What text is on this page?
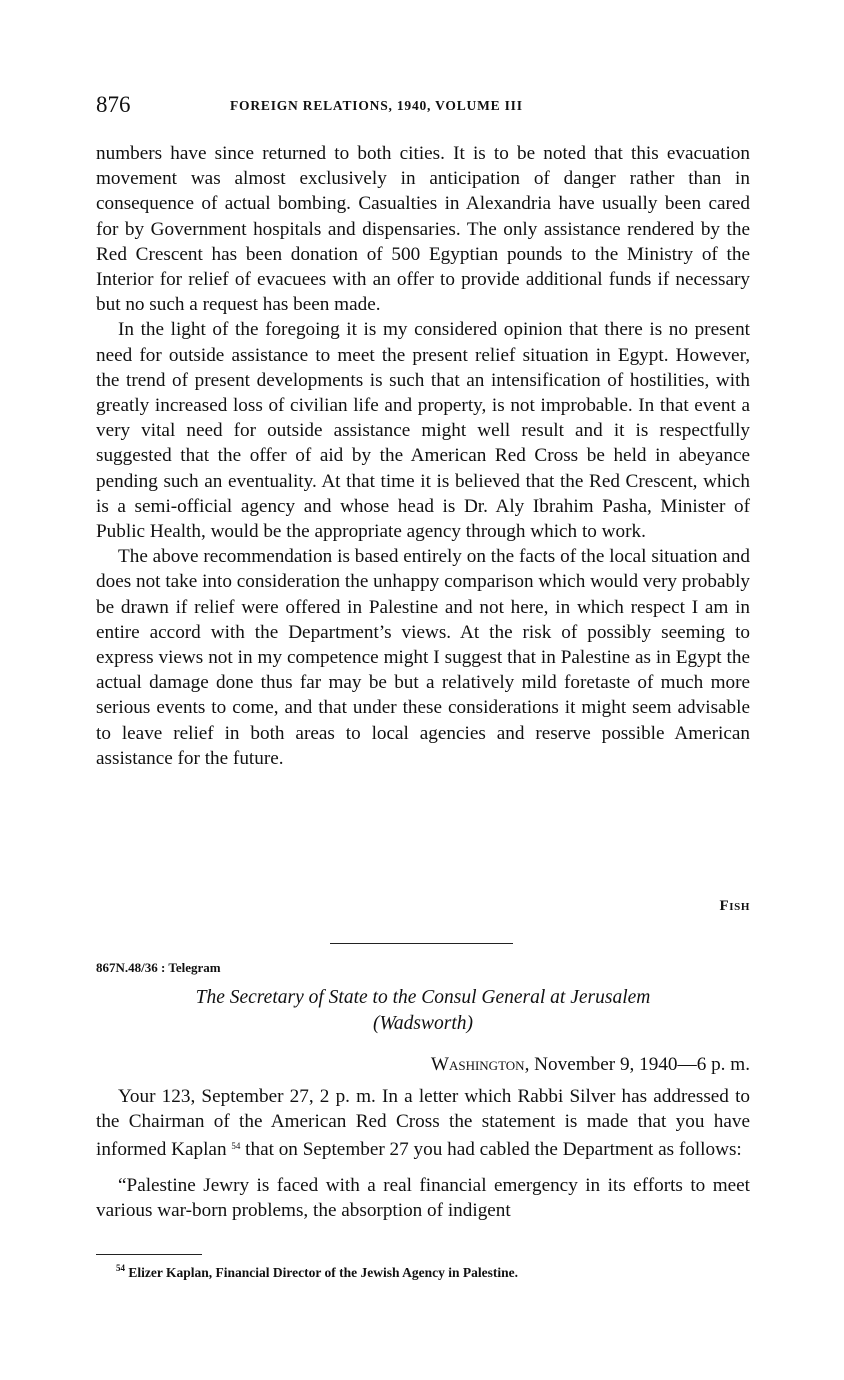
876	FOREIGN RELATIONS, 1940, VOLUME III

numbers have since returned to both cities. It is to be noted that this evacuation movement was almost exclusively in anticipation of danger rather than in consequence of actual bombing. Casualties in Alexandria have usually been cared for by Government hospitals and dispensaries. The only assistance rendered by the Red Crescent has been donation of 500 Egyptian pounds to the Ministry of the Interior for relief of evacuees with an offer to provide additional funds if necessary but no such a request has been made.

In the light of the foregoing it is my considered opinion that there is no present need for outside assistance to meet the present relief situation in Egypt. However, the trend of present developments is such that an intensification of hostilities, with greatly increased loss of civilian life and property, is not improbable. In that event a very vital need for outside assistance might well result and it is respectfully suggested that the offer of aid by the American Red Cross be held in abeyance pending such an eventuality. At that time it is believed that the Red Crescent, which is a semi-official agency and whose head is Dr. Aly Ibrahim Pasha, Minister of Public Health, would be the appropriate agency through which to work.

The above recommendation is based entirely on the facts of the local situation and does not take into consideration the unhappy comparison which would very probably be drawn if relief were offered in Palestine and not here, in which respect I am in entire accord with the Department’s views. At the risk of possibly seeming to express views not in my competence might I suggest that in Palestine as in Egypt the actual damage done thus far may be but a relatively mild foretaste of much more serious events to come, and that under these considerations it might seem advisable to leave relief in both areas to local agencies and reserve possible American assistance for the future.

Fish
867N.48/36 : Telegram
The Secretary of State to the Consul General at Jerusalem
(Wadsworth)
Washington, November 9, 1940—6 p. m.

Your 123, September 27, 2 p. m. In a letter which Rabbi Silver has addressed to the Chairman of the American Red Cross the statement is made that you have informed Kaplan $^{54}$ that on September 27 you had cabled the Department as follows:

“Palestine Jewry is faced with a real financial emergency in its efforts to meet various war-born problems, the absorption of indigent

$^{54}$ Elizer Kaplan, Financial Director of the Jewish Agency in Palestine.
